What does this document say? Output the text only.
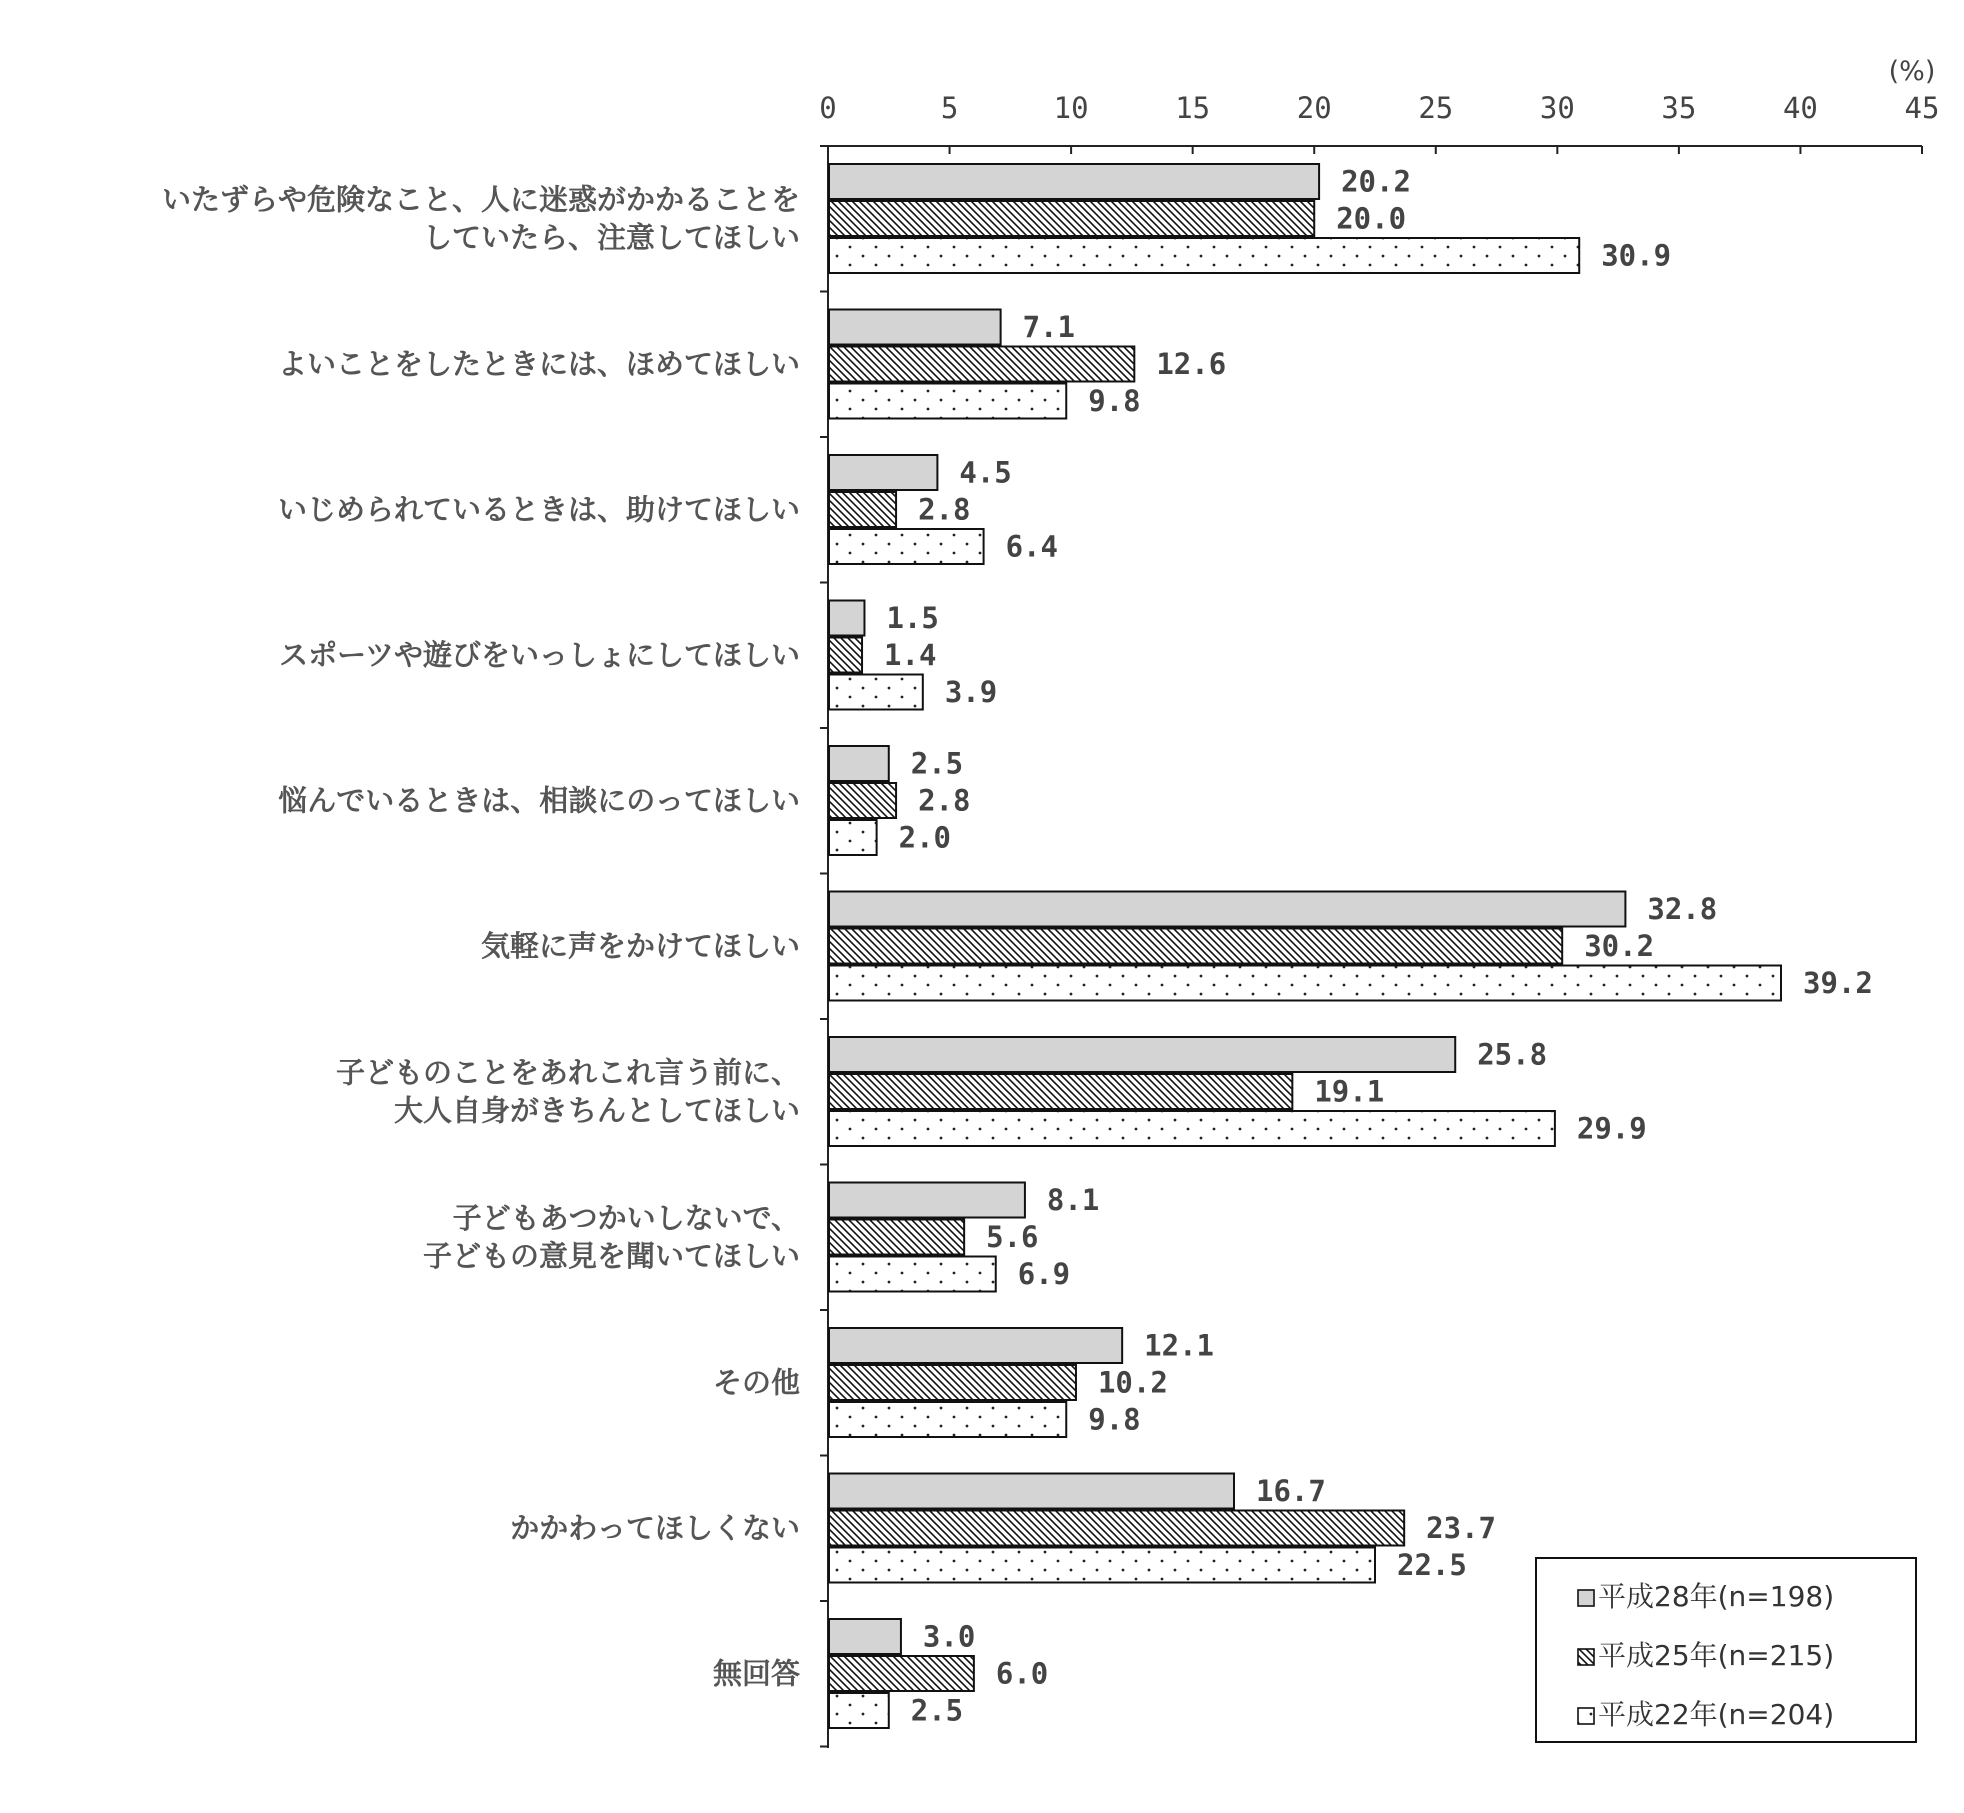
0	5	10	15	20	25	30	35	40	45
(%)
いたずらや危険なこと、人に迷惑がかかることを
していたら、注意してほしい
20.2
20.0
30.9
よいことをしたときには、ほめてほしい
7.1
12.6
9.8
いじめられているときは、助けてほしい
4.5
2.8
6.4
スポーツや遊びをいっしょにしてほしい
1.5
1.4
3.9
悩んでいるときは、相談にのってほしい
2.5
2.8
2.0
気軽に声をかけてほしい
32.8
30.2
39.2
子どものことをあれこれ言う前に、
大人自身がきちんとしてほしい
25.8
19.1
29.9
子どもあつかいしないで、
子どもの意見を聞いてほしい
8.1
5.6
6.9
その他
12.1
10.2
9.8
かかわってほしくない
16.7
23.7
22.5
無回答
3.0
6.0
2.5
平成28年(n=198)
平成25年(n=215)
平成22年(n=204)
